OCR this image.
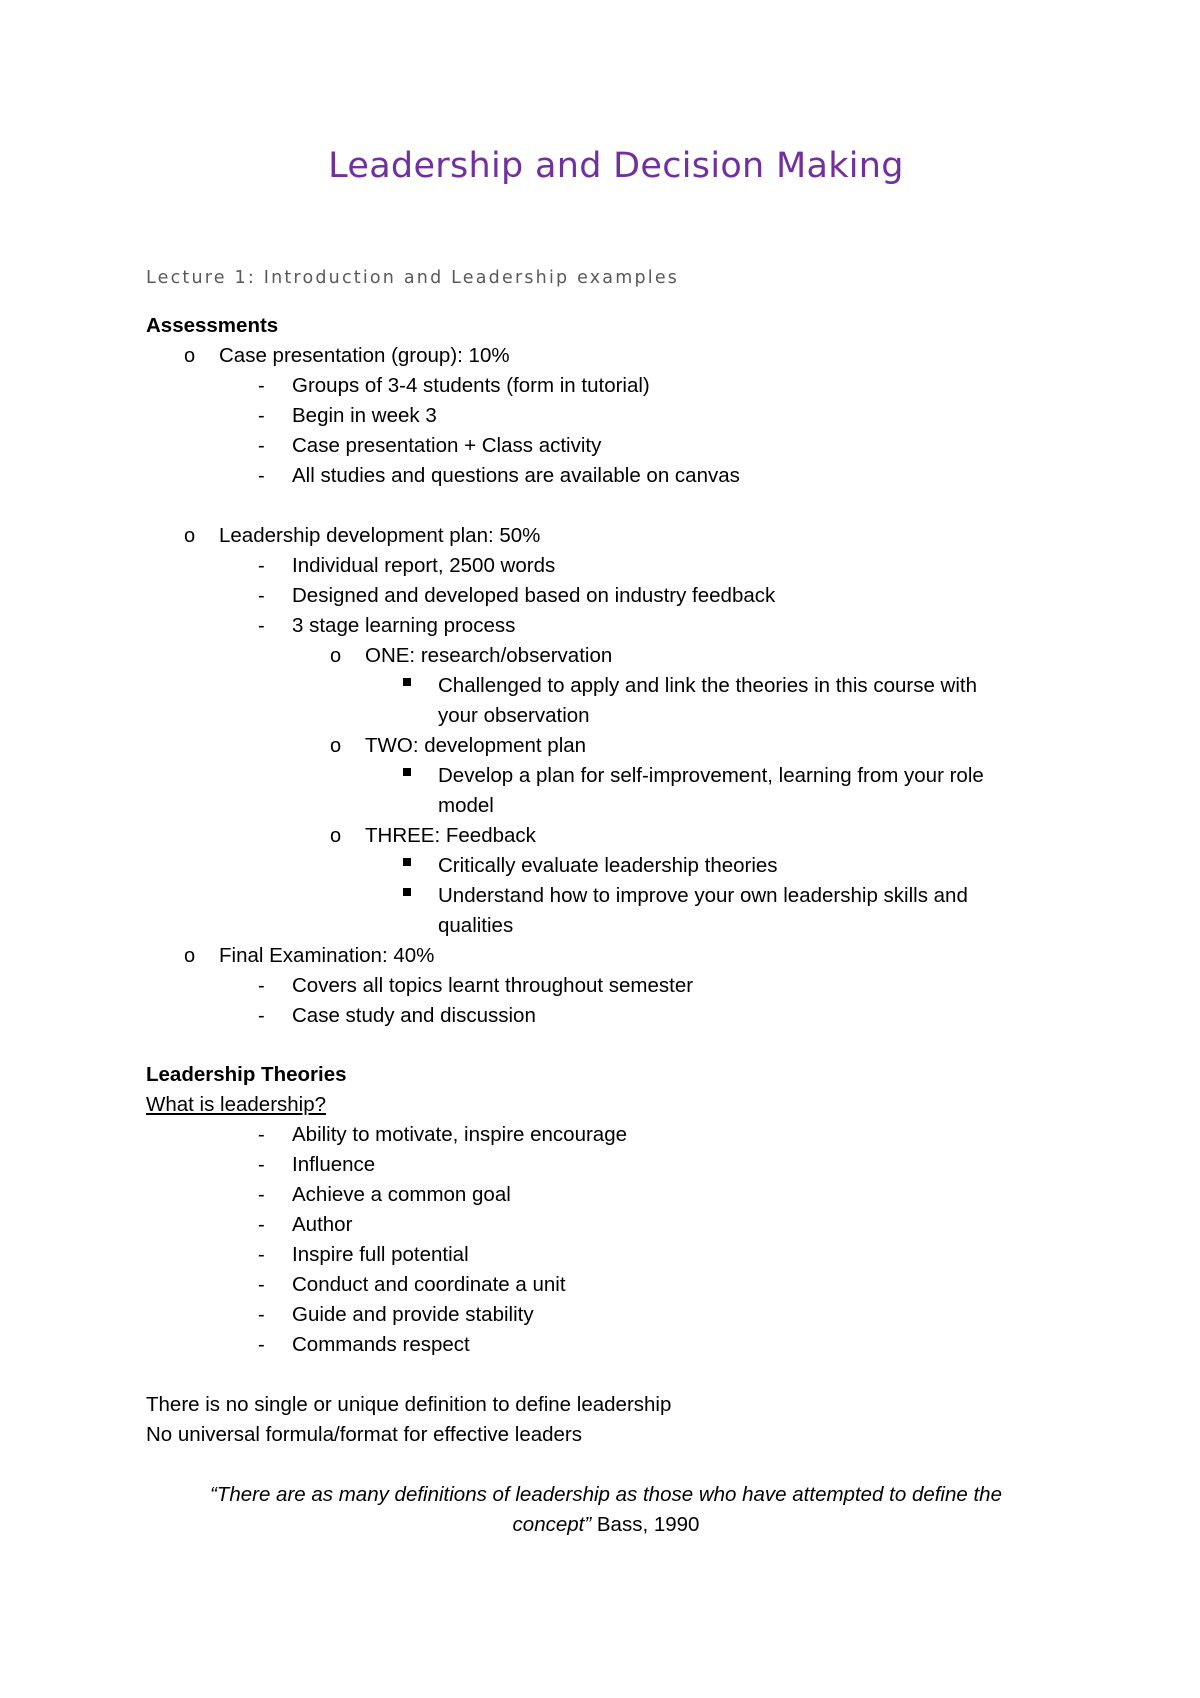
Leadership and Decision Making
Lecture 1: Introduction and Leadership examples
Assessments
o Case presentation (group): 10%
- Groups of 3-4 students (form in tutorial)
- Begin in week 3
- Case presentation + Class activity
- All studies and questions are available on canvas
o Leadership development plan: 50%
- Individual report, 2500 words
- Designed and developed based on industry feedback
- 3 stage learning process
o ONE: research/observation
Challenged to apply and link the theories in this course with
your observation
o TWO: development plan
Develop a plan for self-improvement, learning from your role
model
o THREE: Feedback
Critically evaluate leadership theories
Understand how to improve your own leadership skills and
qualities
o Final Examination: 40%
- Covers all topics learnt throughout semester
- Case study and discussion
Leadership Theories
What is leadership?
- Ability to motivate, inspire encourage
- Influence
- Achieve a common goal
- Author
- Inspire full potential
- Conduct and coordinate a unit
- Guide and provide stability
- Commands respect
There is no single or unique definition to define leadership
No universal formula/format for effective leaders
“There are as many definitions of leadership as those who have attempted to define the
concept” Bass, 1990
